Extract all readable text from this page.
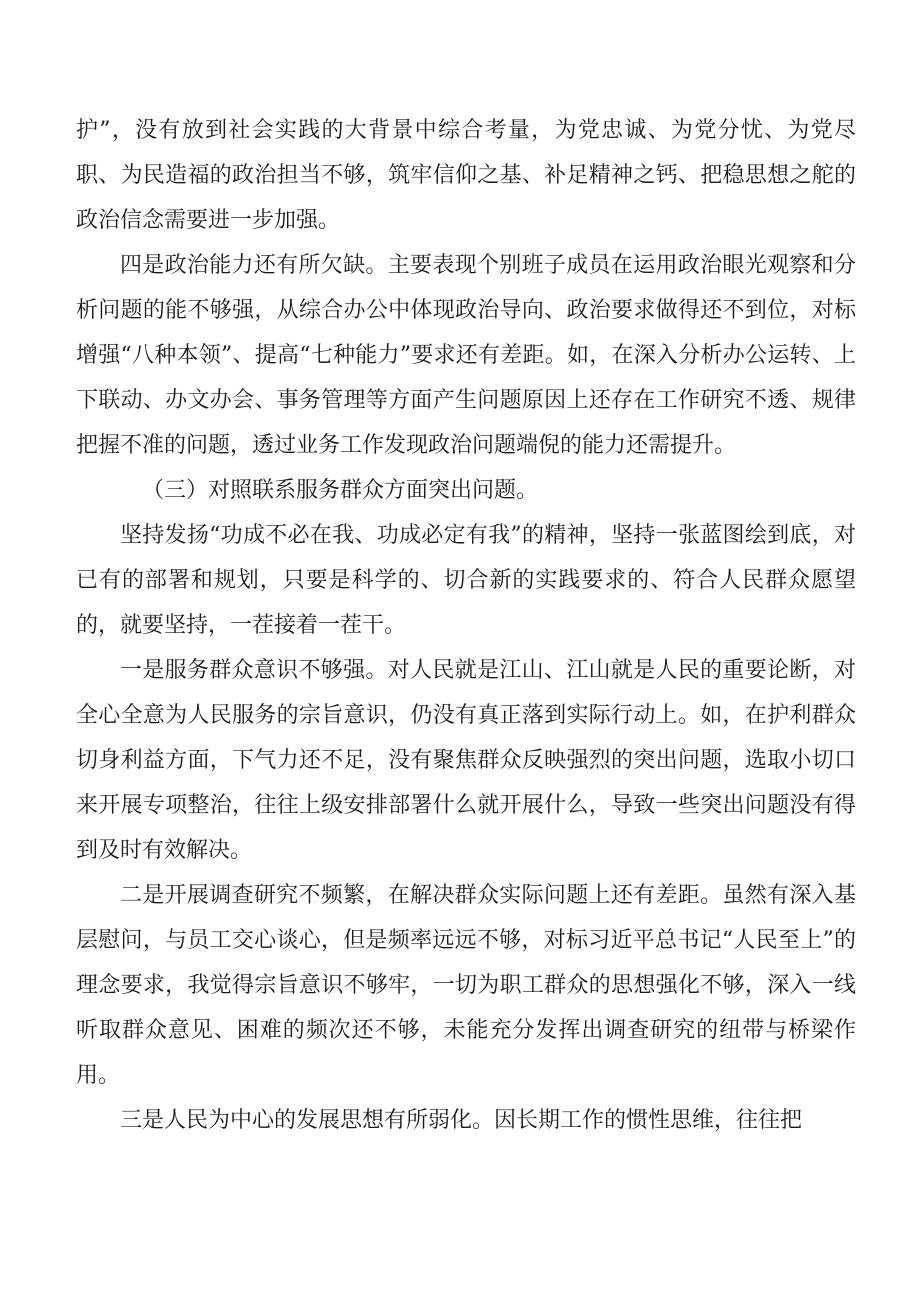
护”，没有放到社会实践的大背景中综合考量，为党忠诚、为党分忧、为党尽职、为民造福的政治担当不够，筑牢信仰之基、补足精神之钙、把稳思想之舵的政治信念需要进一步加强。

四是政治能力还有所欠缺。主要表现个别班子成员在运用政治眼光观察和分析问题的能不够强，从综合办公中体现政治导向、政治要求做得还不到位，对标增强“八种本领”、提高“七种能力”要求还有差距。如，在深入分析办公运转、上下联动、办文办会、事务管理等方面产生问题原因上还存在工作研究不透、规律把握不准的问题，透过业务工作发现政治问题端倪的能力还需提升。

（三）对照联系服务群众方面突出问题。

坚持发扬“功成不必在我、功成必定有我”的精神，坚持一张蓝图绘到底，对已有的部署和规划，只要是科学的、切合新的实践要求的、符合人民群众愿望的，就要坚持，一茬接着一茬干。

一是服务群众意识不够强。对人民就是江山、江山就是人民的重要论断，对全心全意为人民服务的宗旨意识，仍没有真正落到实际行动上。如，在护利群众切身利益方面，下气力还不足，没有聚焦群众反映强烈的突出问题，选取小切口来开展专项整治，往往上级安排部署什么就开展什么，导致一些突出问题没有得到及时有效解决。

二是开展调查研究不频繁，在解决群众实际问题上还有差距。虽然有深入基层慰问，与员工交心谈心，但是频率远远不够，对标习近平总书记“人民至上”的理念要求，我觉得宗旨意识不够牢，一切为职工群众的思想强化不够，深入一线听取群众意见、困难的频次还不够，未能充分发挥出调查研究的纽带与桥梁作用。

三是人民为中心的发展思想有所弱化。因长期工作的惯性思维，往往把
